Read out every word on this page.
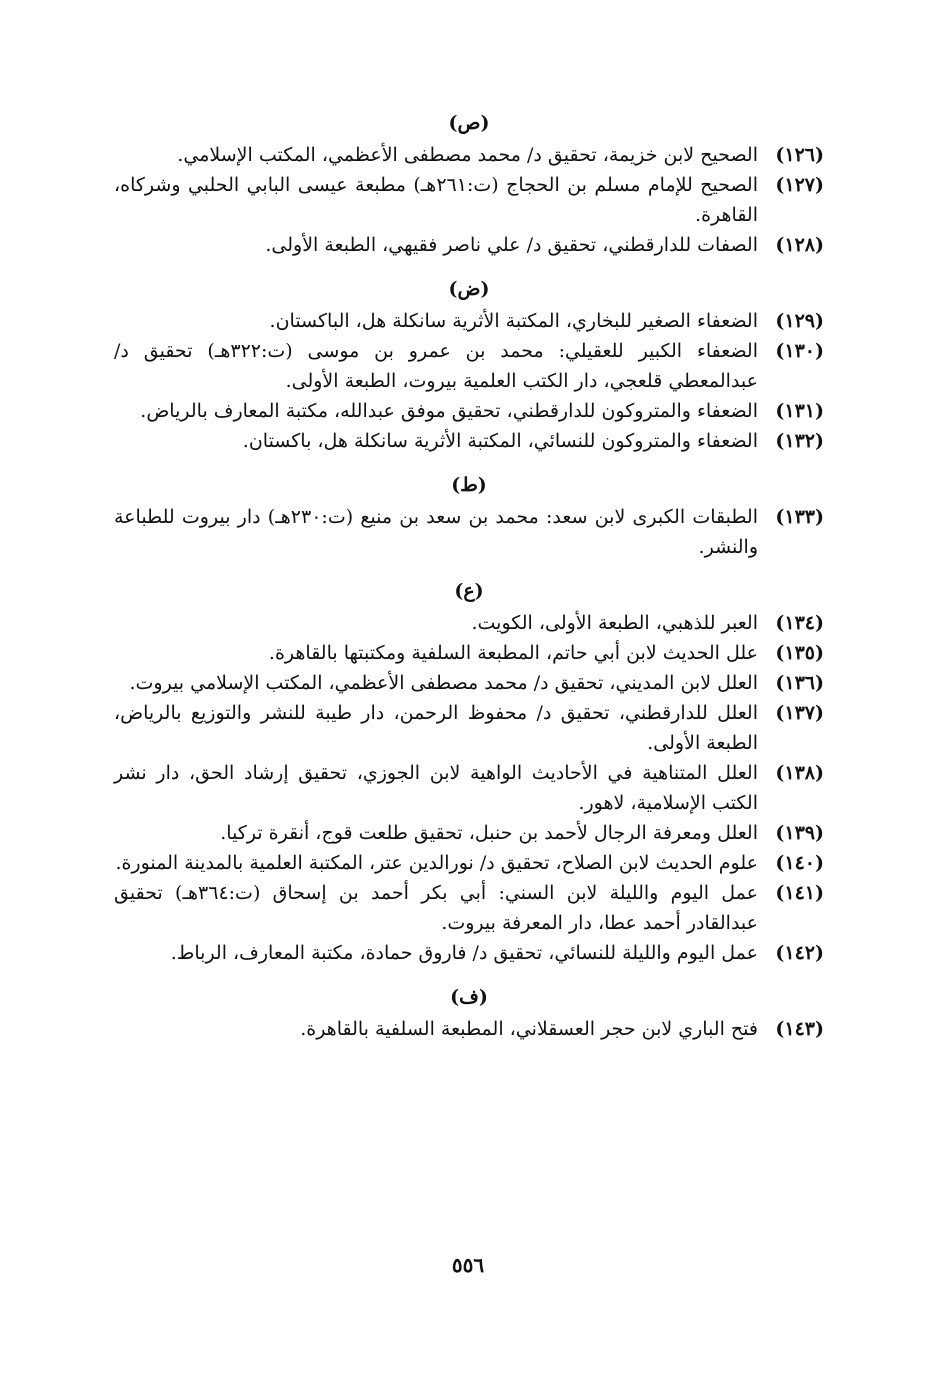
(ص)
(١٢٦)
الصحيح لابن خزيمة، تحقيق د/ محمد مصطفى الأعظمي، المكتب الإسلامي.
(١٢٧)
الصحيح للإمام مسلم بن الحجاج (ت:٢٦١هـ) مطبعة عيسى البابي الحلبي وشركاه، القاهرة.
(١٢٨)
الصفات للدارقطني، تحقيق د/ علي ناصر فقيهي، الطبعة الأولى.
(ض)
(١٢٩)
الضعفاء الصغير للبخاري، المكتبة الأثرية سانكلة هل، الباكستان.
(١٣٠)
الضعفاء الكبير للعقيلي: محمد بن عمرو بن موسى (ت:٣٢٢هـ) تحقيق د/عبدالمعطي قلعجي، دار الكتب العلمية بيروت، الطبعة الأولى.
(١٣١)
الضعفاء والمتروكون للدارقطني، تحقيق موفق عبدالله، مكتبة المعارف بالرياض.
(١٣٢)
الضعفاء والمتروكون للنسائي، المكتبة الأثرية سانكلة هل، باكستان.
(ط)
(١٣٣)
الطبقات الكبرى لابن سعد: محمد بن سعد بن منيع (ت:٢٣٠هـ) دار بيروت للطباعة والنشر.
(ع)
(١٣٤)
العبر للذهبي، الطبعة الأولى، الكويت.
(١٣٥)
علل الحديث لابن أبي حاتم، المطبعة السلفية ومكتبتها بالقاهرة.
(١٣٦)
العلل لابن المديني، تحقيق د/ محمد مصطفى الأعظمي، المكتب الإسلامي بيروت.
(١٣٧)
العلل للدارقطني، تحقيق د/ محفوظ الرحمن، دار طيبة للنشر والتوزيع بالرياض، الطبعة الأولى.
(١٣٨)
العلل المتناهية في الأحاديث الواهية لابن الجوزي، تحقيق إرشاد الحق، دار نشر الكتب الإسلامية، لاهور.
(١٣٩)
العلل ومعرفة الرجال لأحمد بن حنبل، تحقيق طلعت قوج، أنقرة تركيا.
(١٤٠)
علوم الحديث لابن الصلاح، تحقيق د/ نورالدين عتر، المكتبة العلمية بالمدينة المنورة.
(١٤١)
عمل اليوم والليلة لابن السني: أبي بكر أحمد بن إسحاق (ت:٣٦٤هـ) تحقيق عبدالقادر أحمد عطا، دار المعرفة بيروت.
(١٤٢)
عمل اليوم والليلة للنسائي، تحقيق د/ فاروق حمادة، مكتبة المعارف، الرباط.
(ف)
(١٤٣)
فتح الباري لابن حجر العسقلاني، المطبعة السلفية بالقاهرة.
٥٥٦
